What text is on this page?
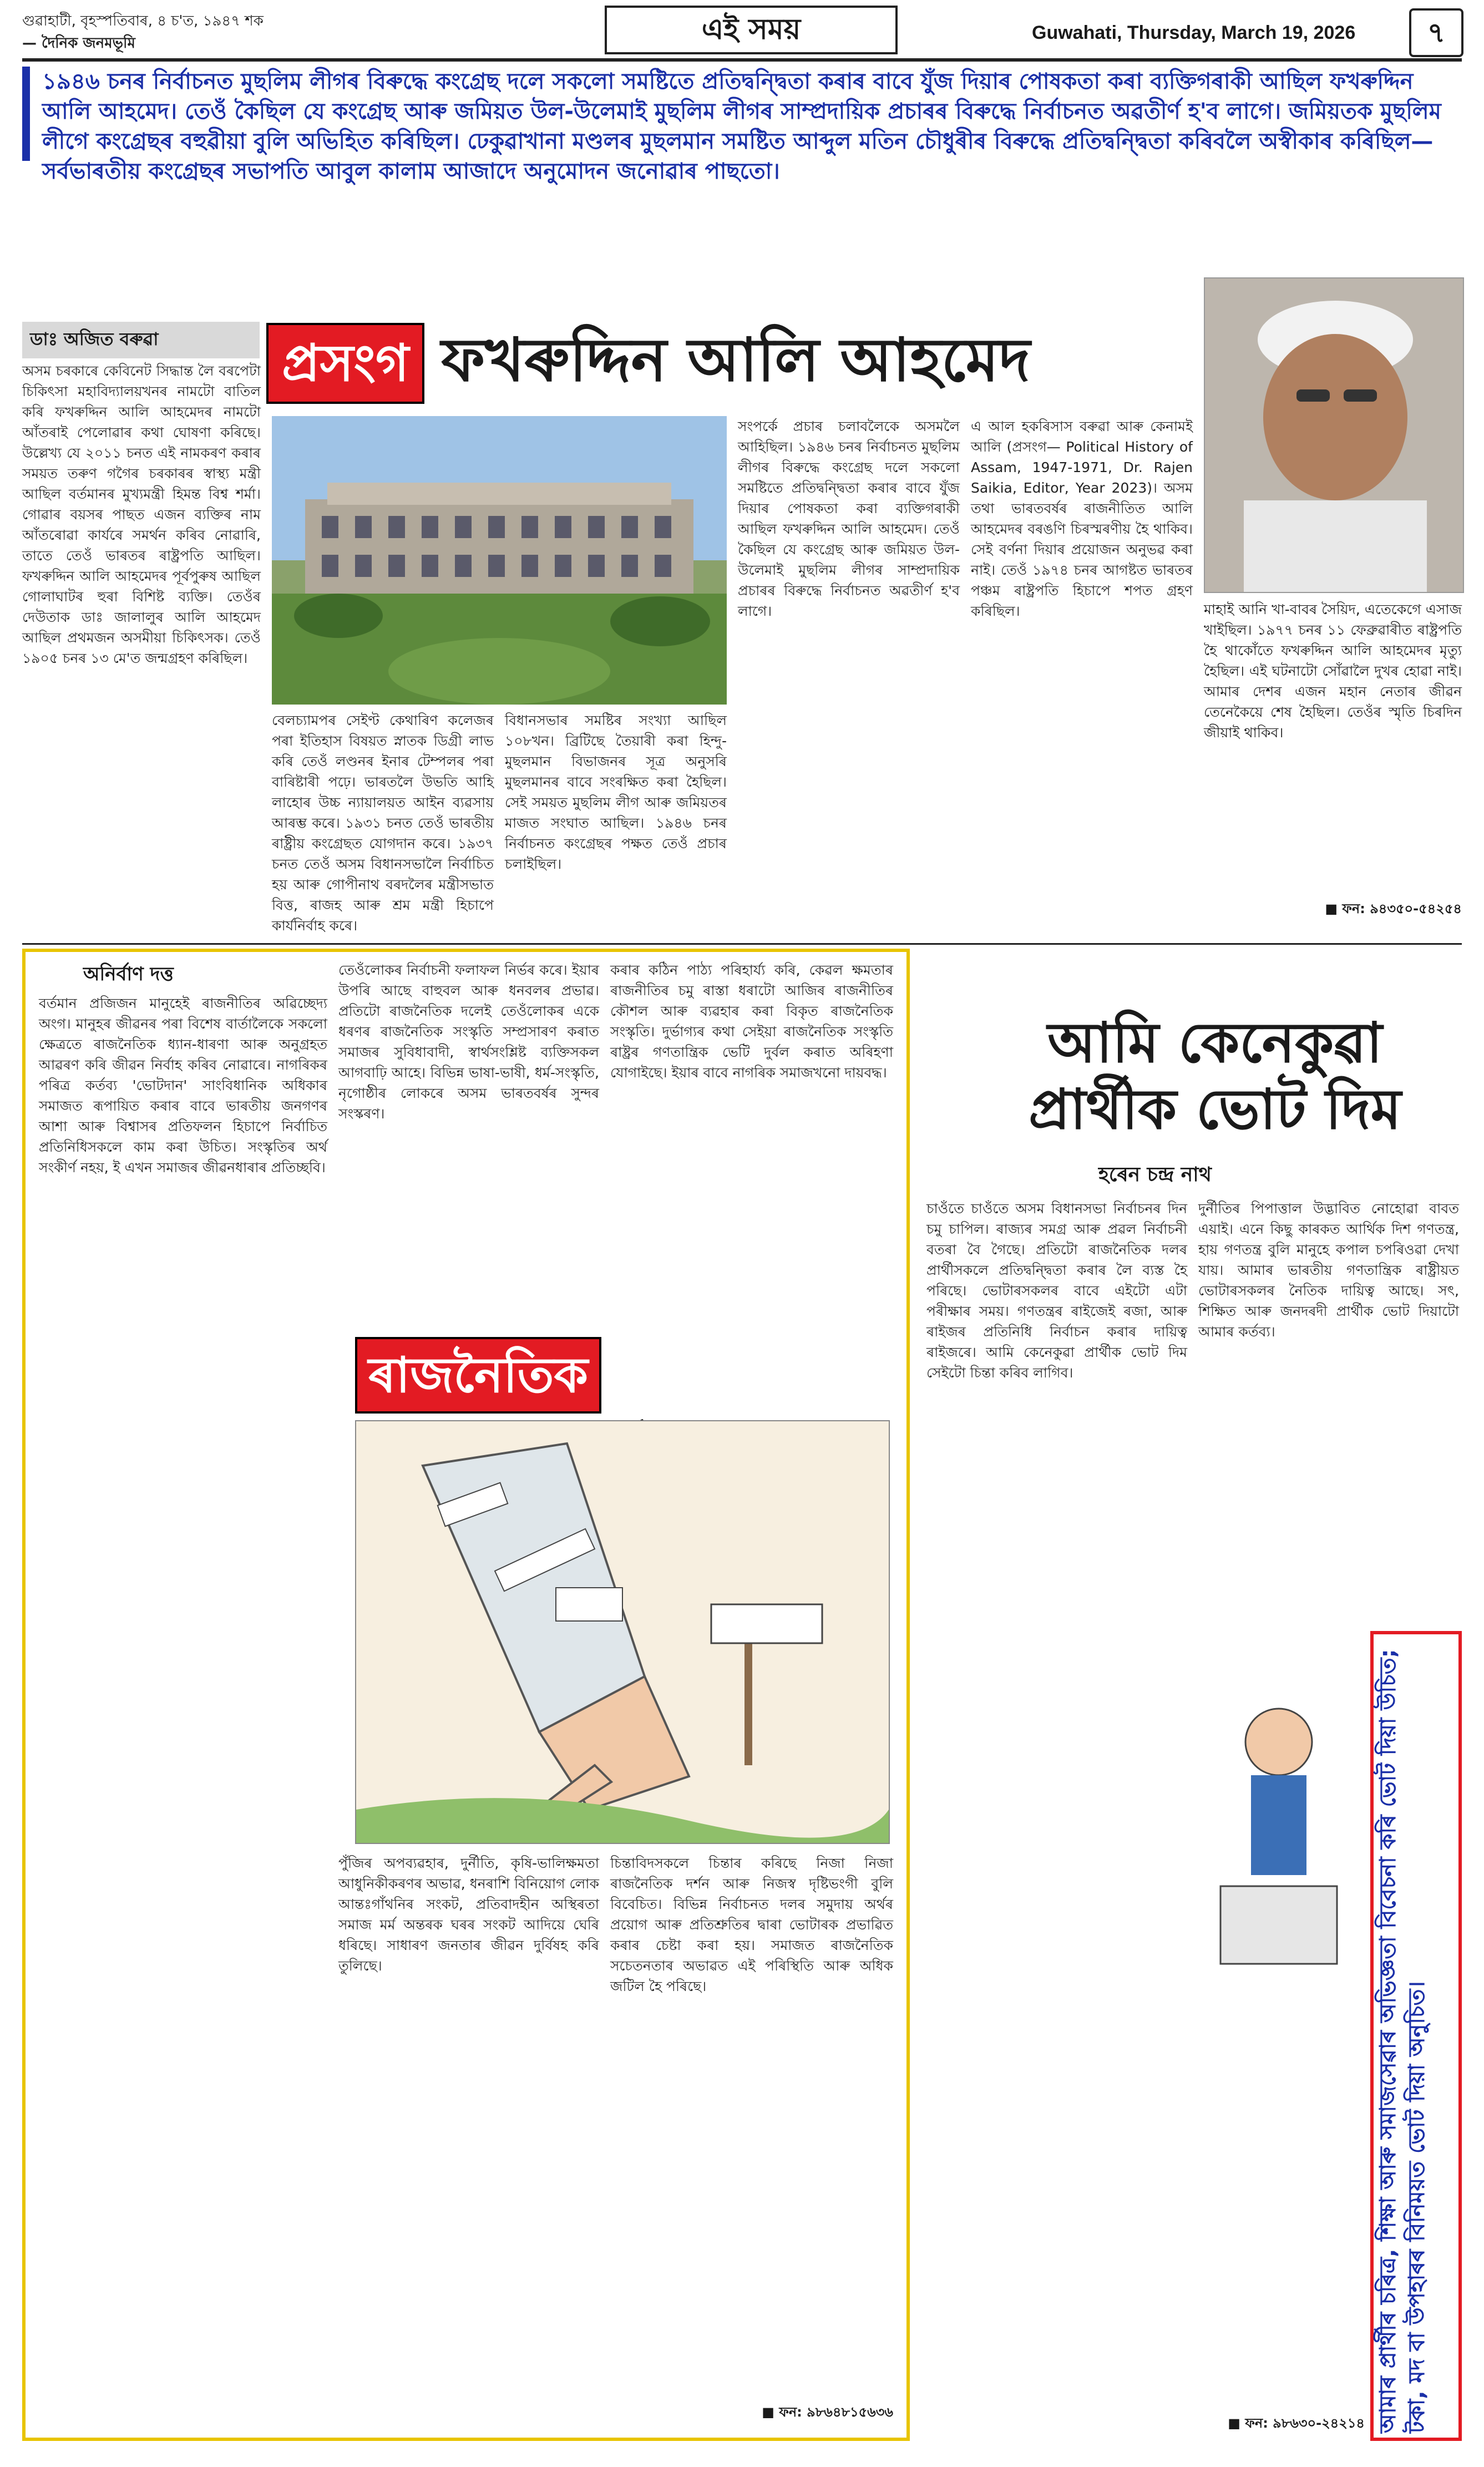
গুৱাহাটী, বৃহস্পতিবাৰ, ৪ চ'ত, ১৯৪৭ শক
— দৈনিক জনমভূমি	এই সময়	Guwahati, Thursday, March 19, 2026	৭
১৯৪৬ চনৰ নিৰ্বাচনত মুছলিম লীগৰ বিৰুদ্ধে কংগ্ৰেছ দলে সকলো সমষ্টিতে প্ৰতিদ্বন্দ্বিতা কৰাৰ বাবে যুঁজ দিয়াৰ পোষকতা কৰা ব্যক্তিগৰাকী আছিল ফখৰুদ্দিন আলি আহমেদ। তেওঁ কৈছিল যে কংগ্ৰেছ আৰু জমিয়ত উল-উলেমাই মুছলিম লীগৰ সাম্প্ৰদায়িক প্ৰচাৰৰ বিৰুদ্ধে নিৰ্বাচনত অৱতীৰ্ণ হ'ব লাগে। জমিয়তক মুছলিম লীগে কংগ্ৰেছৰ বহুৱীয়া বুলি অভিহিত কৰিছিল। ঢেকুৱাখানা মণ্ডলৰ মুছলমান সমষ্টিত আব্দুল মতিন চৌধুৰীৰ বিৰুদ্ধে প্ৰতিদ্বন্দ্বিতা কৰিবলৈ অস্বীকাৰ কৰিছিল— সৰ্বভাৰতীয় কংগ্ৰেছৰ সভাপতি আবুল কালাম আজাদে অনুমোদন জনোৱাৰ পাছতো।
ডাঃ অজিত বৰুৱা	প্ৰসংগ ফখৰুদ্দিন আলি আহমেদ
অসম চৰকাৰে কেবিনেট সিদ্ধান্ত লৈ বৰপেটা চিকিৎসা মহাবিদ্যালয়খনৰ নামটো বাতিল কৰি ফখৰুদ্দিন আলি আহমেদৰ নামটো আঁতৰাই পেলোৱাৰ কথা ঘোষণা কৰিছে। উল্লেখ্য যে ২০১১ চনত এই নামকৰণ কৰাৰ সময়ত তৰুণ গগৈৰ চৰকাৰৰ স্বাস্থ্য মন্ত্ৰী আছিল বৰ্তমানৰ মুখ্যমন্ত্ৰী হিমন্ত বিশ্ব শৰ্মা। গোৱাৰ বয়সৰ পাছত এজন ব্যক্তিৰ নাম আঁতৰোৱা কাৰ্যৰে সমৰ্থন কৰিব নোৱাৰি, তাতে তেওঁ ভাৰতৰ ৰাষ্ট্ৰপতি আছিল। ফখৰুদ্দিন আলি আহমেদৰ পূৰ্বপুৰুষ আছিল গোলাঘাটৰ হুৰা বিশিষ্ট ব্যক্তি। তেওঁৰ দেউতাক ডাঃ জালালুৰ আলি আহমেদ আছিল প্ৰথমজন অসমীয়া চিকিৎসক। তেওঁ ১৯০৫ চনৰ ১৩ মে'ত জন্মগ্ৰহণ কৰিছিল।
বেলচ্যামপৰ সেইণ্ট কেথাৰিণ কলেজৰ পৰা ইতিহাস বিষয়ত স্নাতক ডিগ্ৰী লাভ কৰি তেওঁ লণ্ডনৰ ইনাৰ টেম্পলৰ পৰা বাৰিষ্টাৰী পঢ়ে। ভাৰতলৈ উভতি আহি লাহোৰ উচ্চ ন্যায়ালয়ত আইন ব্যৱসায় আৰম্ভ কৰে। ১৯৩১ চনত তেওঁ ভাৰতীয় ৰাষ্ট্ৰীয় কংগ্ৰেছত যোগদান কৰে। ১৯৩৭ চনত তেওঁ অসম বিধানসভালৈ নিৰ্বাচিত হয় আৰু গোপীনাথ বৰদলৈৰ মন্ত্ৰীসভাত বিত্ত, ৰাজহ আৰু শ্ৰম মন্ত্ৰী হিচাপে কাৰ্যনিৰ্বাহ কৰে।
বিধানসভাৰ সমষ্টিৰ সংখ্যা আছিল ১০৮খন। ব্ৰিটিছে তৈয়াৰী কৰা হিন্দু-মুছলমান বিভাজনৰ সূত্ৰ অনুসৰি মুছলমানৰ বাবে সংৰক্ষিত কৰা হৈছিল। সেই সময়ত মুছলিম লীগ আৰু জমিয়তৰ মাজত সংঘাত আছিল। ১৯৪৬ চনৰ নিৰ্বাচনত কংগ্ৰেছৰ পক্ষত তেওঁ প্ৰচাৰ চলাইছিল।
সংপৰ্কে প্ৰচাৰ চলাবলৈকে অসমলৈ আহিছিল। ১৯৪৬ চনৰ নিৰ্বাচনত মুছলিম লীগৰ বিৰুদ্ধে কংগ্ৰেছ দলে সকলো সমষ্টিতে প্ৰতিদ্বন্দ্বিতা কৰাৰ বাবে যুঁজ দিয়াৰ পোষকতা কৰা ব্যক্তিগৰাকী আছিল ফখৰুদ্দিন আলি আহমেদ। তেওঁ কৈছিল যে কংগ্ৰেছ আৰু জমিয়ত উল-উলেমাই মুছলিম লীগৰ সাম্প্ৰদায়িক প্ৰচাৰৰ বিৰুদ্ধে নিৰ্বাচনত অৱতীৰ্ণ হ'ব লাগে।
এ আল হকৰিসাস বৰুৱা আৰু কেনামই আলি (প্ৰসংগ— Political History of Assam, 1947-1971, Dr. Rajen Saikia, Editor, Year 2023)। অসম তথা ভাৰতবৰ্ষৰ ৰাজনীতিত আলি আহমেদৰ বৰঙণি চিৰস্মৰণীয় হৈ থাকিব। সেই বৰ্ণনা দিয়াৰ প্ৰয়োজন অনুভৱ কৰা নাই। তেওঁ ১৯৭৪ চনৰ আগষ্টত ভাৰতৰ পঞ্চম ৰাষ্ট্ৰপতি হিচাপে শপত গ্ৰহণ কৰিছিল।	মাহাই আনি খা-বাবৰ সৈয়িদ, এতেকেগে এসাজ খাইছিল। ১৯৭৭ চনৰ ১১ ফেব্ৰুৱাৰীত ৰাষ্ট্ৰপতি হৈ থাকোঁতে ফখৰুদ্দিন আলি আহমেদৰ মৃত্যু হৈছিল। এই ঘটনাটো সোঁৱালৈ দুখৰ হোৱা নাই। আমাৰ দেশৰ এজন মহান নেতাৰ জীৱন তেনেকৈয়ে শেষ হৈছিল। তেওঁৰ স্মৃতি চিৰদিন জীয়াই থাকিব।
■ ফন: ৯৪৩৫০-৫৪২৫৪
অনিৰ্বাণ দত্ত
বৰ্তমান প্ৰজিজন মানুহেই ৰাজনীতিৰ অৱিচ্ছেদ্য অংগ। মানুহৰ জীৱনৰ পৰা বিশেষ বাৰ্তালৈকে সকলো ক্ষেত্ৰতে ৰাজনৈতিক ধ্যান-ধাৰণা আৰু অনুগ্ৰহত আৱৰণ কৰি জীৱন নিৰ্বাহ কৰিব নোৱাৰে। নাগৰিকৰ পৰিত্ৰ কৰ্তব্য 'ভোটদান' সাংবিধানিক অধিকাৰ সমাজত ৰূপায়িত কৰাৰ বাবে ভাৰতীয় জনগণৰ আশা আৰু বিশ্বাসৰ প্ৰতিফলন হিচাপে নিৰ্বাচিত প্ৰতিনিধিসকলে কাম কৰা উচিত। সংস্কৃতিৰ অৰ্থ সংকীৰ্ণ নহয়, ই এখন সমাজৰ জীৱনধাৰাৰ প্ৰতিচ্ছবি।
তেওঁলোকৰ নিৰ্বাচনী ফলাফল নিৰ্ভৰ কৰে। ইয়াৰ উপৰি আছে বাহুবল আৰু ধনবলৰ প্ৰভাৱ। প্ৰতিটো ৰাজনৈতিক দলেই তেওঁলোকৰ একে ধৰণৰ ৰাজনৈতিক সংস্কৃতি সম্প্ৰসাৰণ কৰাত সমাজৰ সুবিধাবাদী, স্বাৰ্থসংশ্লিষ্ট ব্যক্তিসকল আগবাঢ়ি আহে। বিভিন্ন ভাষা-ভাষী, ধৰ্ম-সংস্কৃতি, নৃগোষ্ঠীৰ লোকৰে অসম ভাৰতবৰ্ষৰ সুন্দৰ সংস্কৰণ।
কৰাৰ কঠিন পাঠ্য পৰিহাৰ্য্য কৰি, কেৱল ক্ষমতাৰ ৰাজনীতিৰ চমু ৰাস্তা ধৰাটো আজিৰ ৰাজনীতিৰ কৌশল আৰু ব্যৱহাৰ কৰা বিকৃত ৰাজনৈতিক সংস্কৃতি। দুৰ্ভাগ্যৰ কথা সেইয়া ৰাজনৈতিক সংস্কৃতি ৰাষ্ট্ৰৰ গণতান্ত্ৰিক ভেটি দুৰ্বল কৰাত অৰিহণা যোগাইছে। ইয়াৰ বাবে নাগৰিক সমাজখনো দায়বদ্ধ।
ৰাজনৈতিক
পুঁজিৰ অপব্যৱহাৰ, দুৰ্নীতি, কৃষি-ভালিক্ষমতা আধুনিকীকৰণৰ অভাৱ, ধনৰাশি বিনিয়োগ লোক আন্তঃগাঁথনিৰ সংকট, প্ৰতিবাদহীন অস্থিৰতা সমাজ মৰ্ম অন্তৰক ঘৰৰ সংকট আদিয়ে ঘেৰি ধৰিছে। সাধাৰণ জনতাৰ জীৱন দুৰ্বিষহ কৰি তুলিছে।
চিন্তাবিদসকলে চিন্তাৰ কৰিছে নিজা নিজা ৰাজনৈতিক দৰ্শন আৰু নিজস্ব দৃষ্টিভংগী বুলি বিবেচিত। বিভিন্ন নিৰ্বাচনত দলৰ সমুদায় অৰ্থৰ প্ৰয়োগ আৰু প্ৰতিশ্ৰুতিৰ দ্বাৰা ভোটাৰক প্ৰভাৱিত কৰাৰ চেষ্টা কৰা হয়। সমাজত ৰাজনৈতিক সচেতনতাৰ অভাৱত এই পৰিস্থিতি আৰু অধিক জটিল হৈ পৰিছে।
■ ফন: ৯৮৬৪৮১৫৬৩৬
আমি কেনেকুৱা প্ৰাৰ্থীক ভোট দিম
হৰেন চন্দ্ৰ নাথ
চাওঁতে চাওঁতে অসম বিধানসভা নিৰ্বাচনৰ দিন চমু চাপিল। ৰাজ্যৰ সমগ্ৰ আৰু প্ৰৱল নিৰ্বাচনী বতৰা বৈ গৈছে। প্ৰতিটো ৰাজনৈতিক দলৰ প্ৰাৰ্থীসকলে প্ৰতিদ্বন্দ্বিতা কৰাৰ লৈ ব্যস্ত হৈ পৰিছে। ভোটাৰসকলৰ বাবে এইটো এটা পৰীক্ষাৰ সময়। গণতন্ত্ৰৰ ৰাইজেই ৰজা, আৰু ৰাইজৰ প্ৰতিনিধি নিৰ্বাচন কৰাৰ দায়িত্ব ৰাইজৰে। আমি কেনেকুৱা প্ৰাৰ্থীক ভোট দিম সেইটো চিন্তা কৰিব লাগিব।
দুৰ্নীতিৰ পিপাত্তাল উদ্ভাবিত নোহোৱা বাবত এয়াই। এনে কিছু কাৰকত আৰ্থিক দিশ গণতন্ত্ৰ, হায় গণতন্ত্ৰ বুলি মানুহে কপাল চপৰিওৱা দেখা যায়। আমাৰ ভাৰতীয় গণতান্ত্ৰিক ৰাষ্ট্ৰীয়ত ভোটাৰসকলৰ নৈতিক দায়িত্ব আছে। সৎ, শিক্ষিত আৰু জনদৰদী প্ৰাৰ্থীক ভোট দিয়াটো আমাৰ কৰ্তব্য।
আমাৰ প্ৰাৰ্থীৰ চৰিত্ৰ, শিক্ষা আৰু সমাজসেৱাৰ অভিজ্ঞতা বিবেচনা কৰি ভোট দিয়া উচিত; টকা, মদ বা উপহাৰৰ বিনিময়ত ভোট দিয়া অনুচিত।
■ ফন: ৯৮৬৩০-২৪২১৪
